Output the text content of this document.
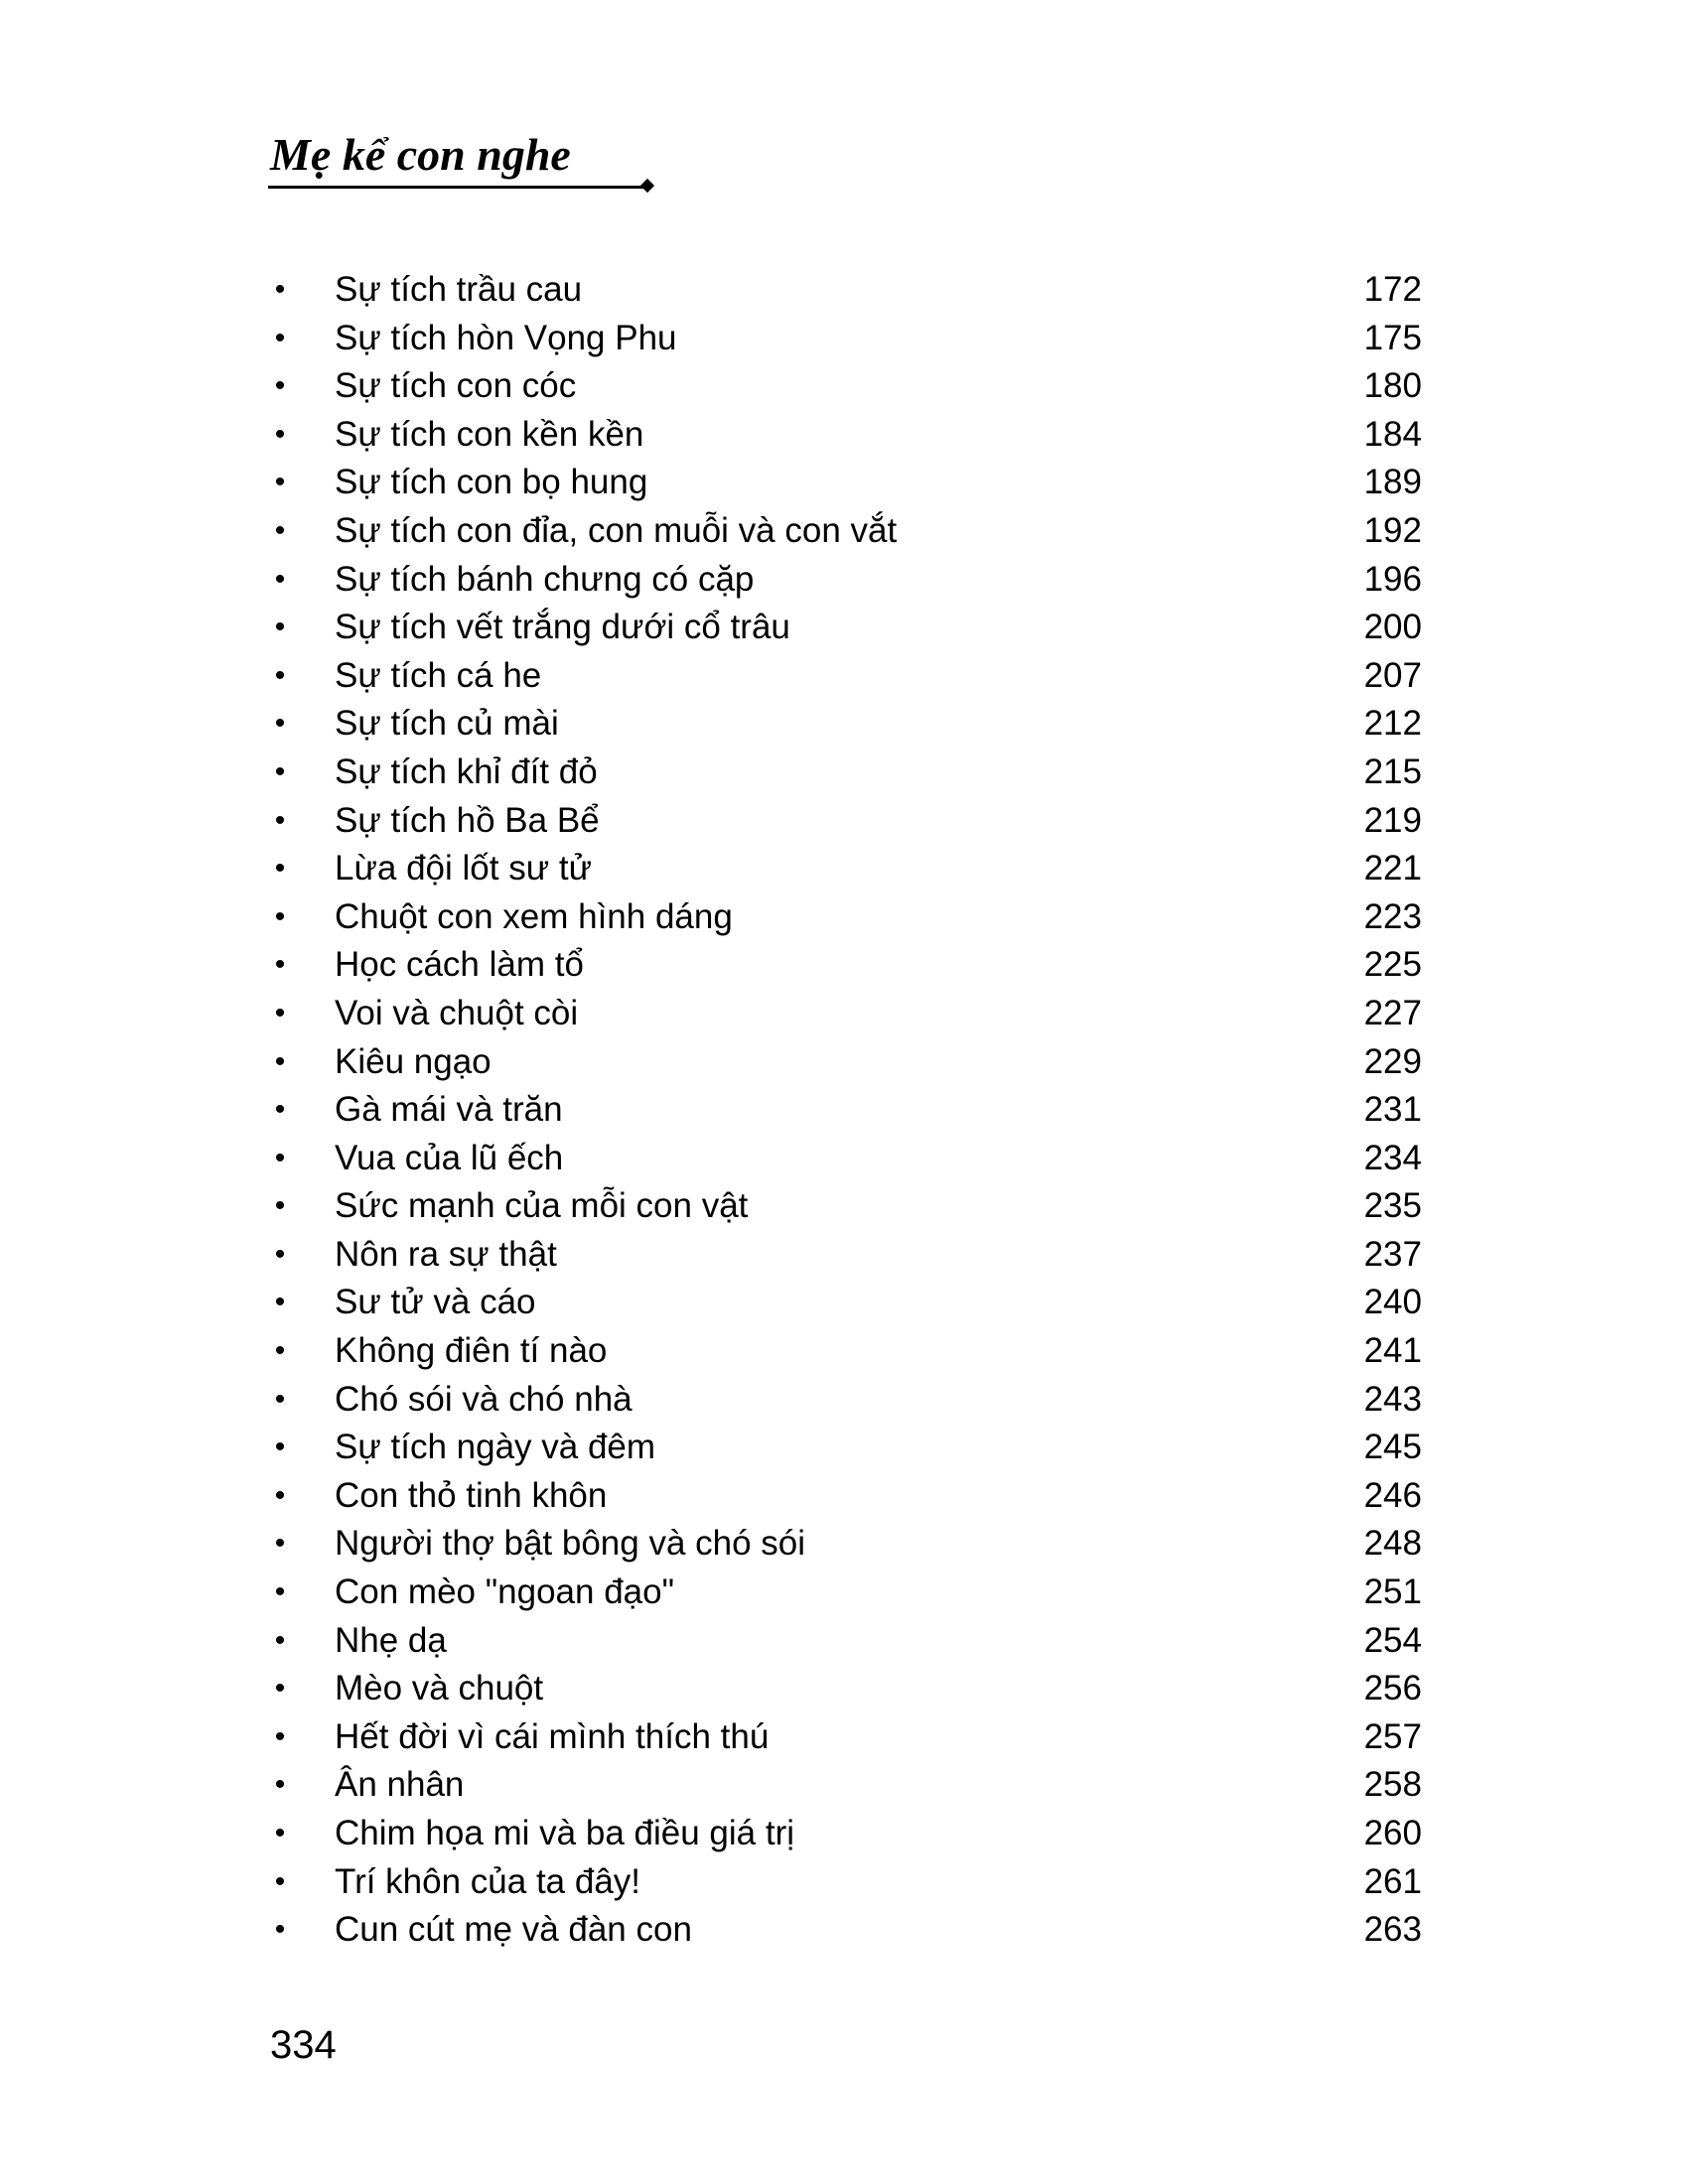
Mẹ kể con nghe
• Sự tích trầu cau	172
• Sự tích hòn Vọng Phu	175
• Sự tích con cóc	180
• Sự tích con kền kền	184
• Sự tích con bọ hung	189
• Sự tích con đỉa, con muỗi và con vắt	192
• Sự tích bánh chưng có cặp	196
• Sự tích vết trắng dưới cổ trâu	200
• Sự tích cá he	207
• Sự tích củ mài	212
• Sự tích khỉ đít đỏ	215
• Sự tích hồ Ba Bể	219
• Lừa đội lốt sư tử	221
• Chuột con xem hình dáng	223
• Học cách làm tổ	225
• Voi và chuột còi	227
• Kiêu ngạo	229
• Gà mái và trăn	231
• Vua của lũ ếch	234
• Sức mạnh của mỗi con vật	235
• Nôn ra sự thật	237
• Sư tử và cáo	240
• Không điên tí nào	241
• Chó sói và chó nhà	243
• Sự tích ngày và đêm	245
• Con thỏ tinh khôn	246
• Người thợ bật bông và chó sói	248
• Con mèo "ngoan đạo"	251
• Nhẹ dạ	254
• Mèo và chuột	256
• Hết đời vì cái mình thích thú	257
• Ân nhân	258
• Chim họa mi và ba điều giá trị	260
• Trí khôn của ta đây!	261
• Cun cút mẹ và đàn con	263
334
